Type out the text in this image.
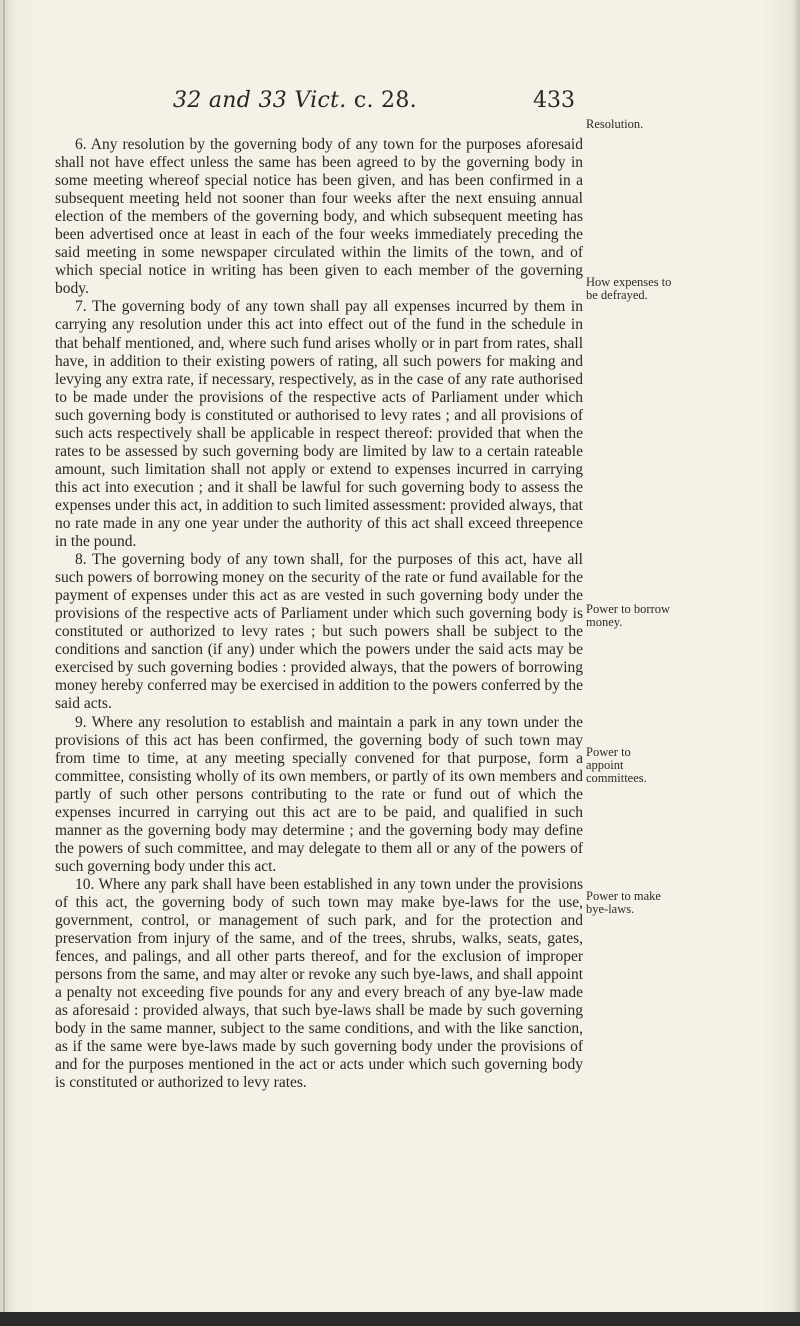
32 and 33 Vict. c. 28.	433

6. Any resolution by the governing body of any town for the purposes aforesaid shall not have effect unless the same has been agreed to by the governing body in some meeting whereof special notice has been given, and has been confirmed in a subsequent meeting held not sooner than four weeks after the next ensuing annual election of the members of the governing body, and which subsequent meeting has been advertised once at least in each of the four weeks immediately preceding the said meeting in some newspaper circulated within the limits of the town, and of which special notice in writing has been given to each member of the governing body.

7. The governing body of any town shall pay all expenses incurred by them in carrying any resolution under this act into effect out of the fund in the schedule in that behalf mentioned, and, where such fund arises wholly or in part from rates, shall have, in addition to their existing powers of rating, all such powers for making and levying any extra rate, if necessary, respectively, as in the case of any rate authorised to be made under the provisions of the respective acts of Parliament under which such governing body is constituted or authorised to levy rates ; and all provisions of such acts respectively shall be applicable in respect thereof: provided that when the rates to be assessed by such governing body are limited by law to a certain rateable amount, such limitation shall not apply or extend to expenses incurred in carrying this act into execution ; and it shall be lawful for such governing body to assess the expenses under this act, in addition to such limited assessment: provided always, that no rate made in any one year under the authority of this act shall exceed threepence in the pound.

8. The governing body of any town shall, for the purposes of this act, have all such powers of borrowing money on the security of the rate or fund available for the payment of expenses under this act as are vested in such governing body under the provisions of the respective acts of Parliament under which such governing body is constituted or authorized to levy rates ; but such powers shall be subject to the conditions and sanction (if any) under which the powers under the said acts may be exercised by such governing bodies : provided always, that the powers of borrowing money hereby conferred may be exercised in addition to the powers conferred by the said acts.

9. Where any resolution to establish and maintain a park in any town under the provisions of this act has been confirmed, the governing body of such town may from time to time, at any meeting specially convened for that purpose, form a committee, consisting wholly of its own members, or partly of its own members and partly of such other persons contributing to the rate or fund out of which the expenses incurred in carrying out this act are to be paid, and qualified in such manner as the governing body may determine ; and the governing body may define the powers of such committee, and may delegate to them all or any of the powers of such governing body under this act.

10. Where any park shall have been established in any town under the provisions of this act, the governing body of such town may make bye-laws for the use, government, control, or management of such park, and for the protection and preservation from injury of the same, and of the trees, shrubs, walks, seats, gates, fences, and palings, and all other parts thereof, and for the exclusion of improper persons from the same, and may alter or revoke any such bye-laws, and shall appoint a penalty not exceeding five pounds for any and every breach of any bye-law made as aforesaid : provided always, that such bye-laws shall be made by such governing body in the same manner, subject to the same conditions, and with the like sanction, as if the same were bye-laws made by such governing body under the provisions of and for the purposes mentioned in the act or acts under which such governing body is constituted or authorized to levy rates.

Resolution.
How expenses to be defrayed.
Power to borrow money.
Power to appoint committees.
Power to make bye-laws.
